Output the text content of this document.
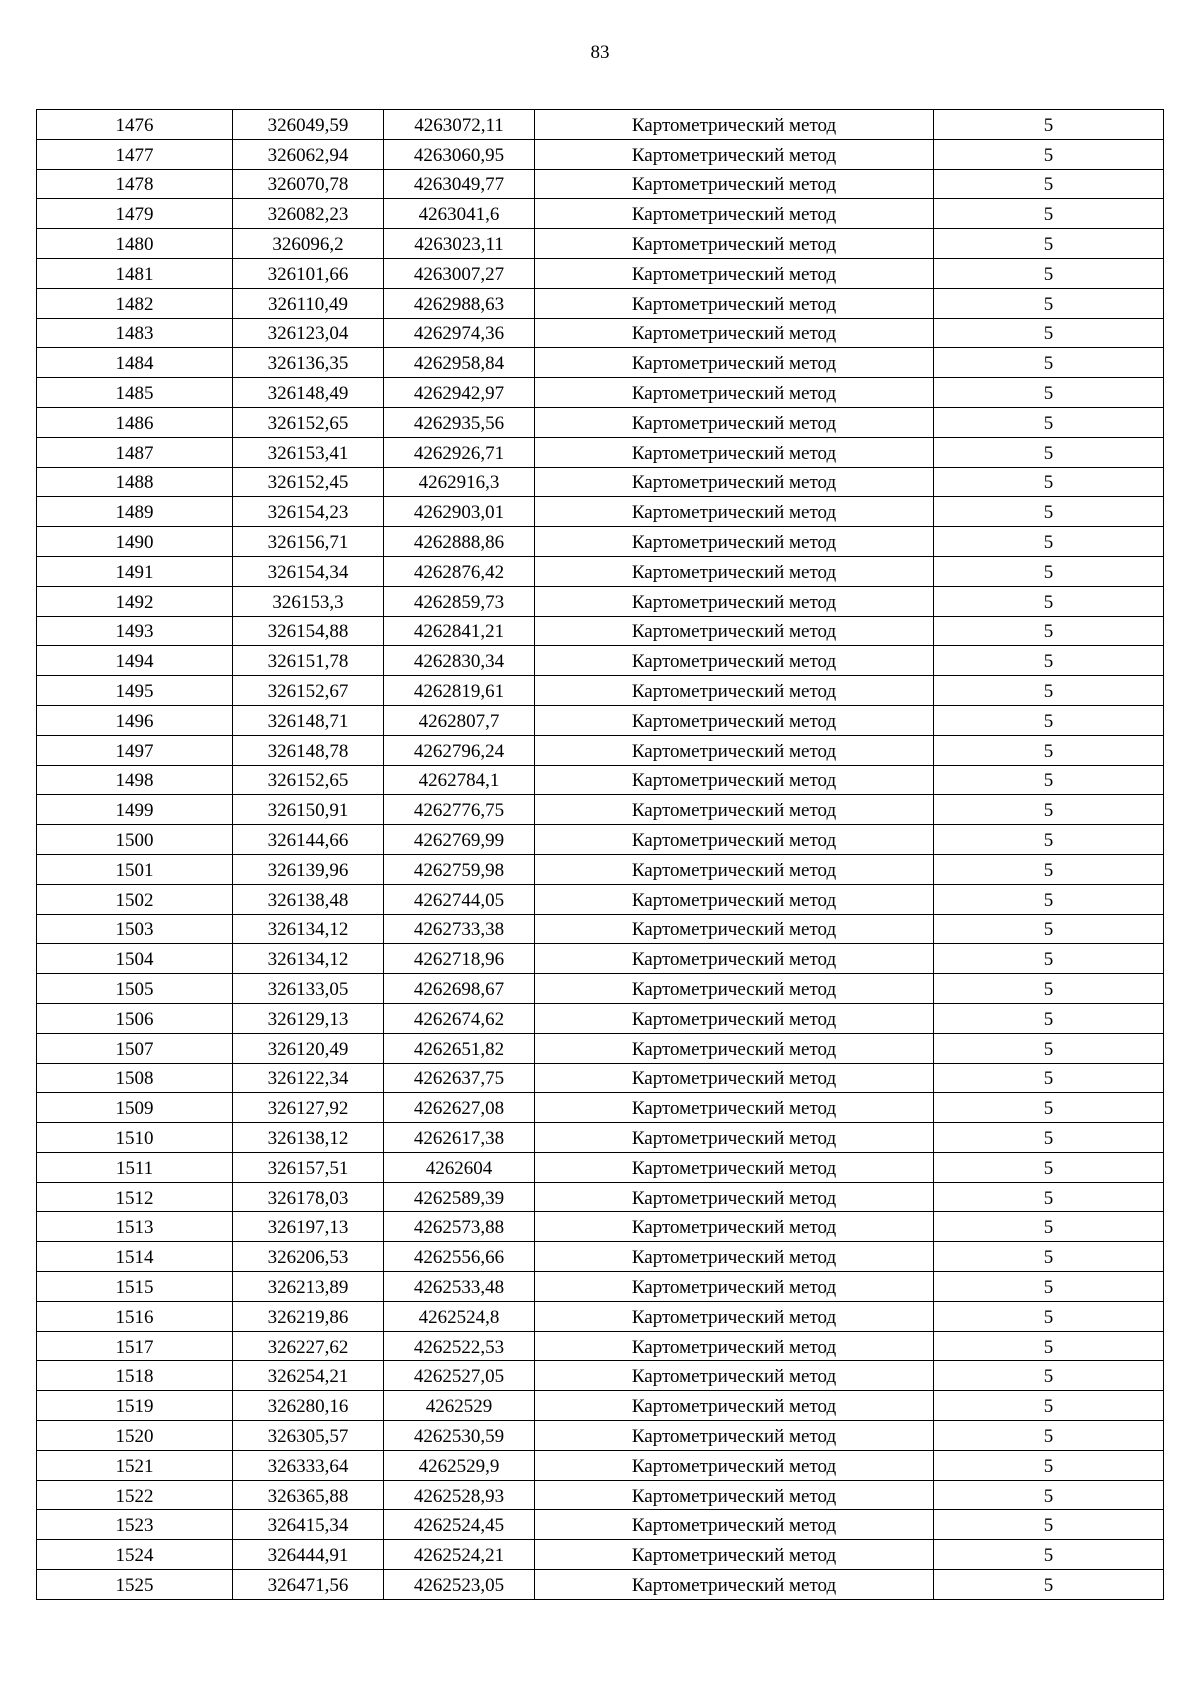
83
1476	326049,59	4263072,11	Картометрический метод	5
1477	326062,94	4263060,95	Картометрический метод	5
1478	326070,78	4263049,77	Картометрический метод	5
1479	326082,23	4263041,6	Картометрический метод	5
1480	326096,2	4263023,11	Картометрический метод	5
1481	326101,66	4263007,27	Картометрический метод	5
1482	326110,49	4262988,63	Картометрический метод	5
1483	326123,04	4262974,36	Картометрический метод	5
1484	326136,35	4262958,84	Картометрический метод	5
1485	326148,49	4262942,97	Картометрический метод	5
1486	326152,65	4262935,56	Картометрический метод	5
1487	326153,41	4262926,71	Картометрический метод	5
1488	326152,45	4262916,3	Картометрический метод	5
1489	326154,23	4262903,01	Картометрический метод	5
1490	326156,71	4262888,86	Картометрический метод	5
1491	326154,34	4262876,42	Картометрический метод	5
1492	326153,3	4262859,73	Картометрический метод	5
1493	326154,88	4262841,21	Картометрический метод	5
1494	326151,78	4262830,34	Картометрический метод	5
1495	326152,67	4262819,61	Картометрический метод	5
1496	326148,71	4262807,7	Картометрический метод	5
1497	326148,78	4262796,24	Картометрический метод	5
1498	326152,65	4262784,1	Картометрический метод	5
1499	326150,91	4262776,75	Картометрический метод	5
1500	326144,66	4262769,99	Картометрический метод	5
1501	326139,96	4262759,98	Картометрический метод	5
1502	326138,48	4262744,05	Картометрический метод	5
1503	326134,12	4262733,38	Картометрический метод	5
1504	326134,12	4262718,96	Картометрический метод	5
1505	326133,05	4262698,67	Картометрический метод	5
1506	326129,13	4262674,62	Картометрический метод	5
1507	326120,49	4262651,82	Картометрический метод	5
1508	326122,34	4262637,75	Картометрический метод	5
1509	326127,92	4262627,08	Картометрический метод	5
1510	326138,12	4262617,38	Картометрический метод	5
1511	326157,51	4262604	Картометрический метод	5
1512	326178,03	4262589,39	Картометрический метод	5
1513	326197,13	4262573,88	Картометрический метод	5
1514	326206,53	4262556,66	Картометрический метод	5
1515	326213,89	4262533,48	Картометрический метод	5
1516	326219,86	4262524,8	Картометрический метод	5
1517	326227,62	4262522,53	Картометрический метод	5
1518	326254,21	4262527,05	Картометрический метод	5
1519	326280,16	4262529	Картометрический метод	5
1520	326305,57	4262530,59	Картометрический метод	5
1521	326333,64	4262529,9	Картометрический метод	5
1522	326365,88	4262528,93	Картометрический метод	5
1523	326415,34	4262524,45	Картометрический метод	5
1524	326444,91	4262524,21	Картометрический метод	5
1525	326471,56	4262523,05	Картометрический метод	5
